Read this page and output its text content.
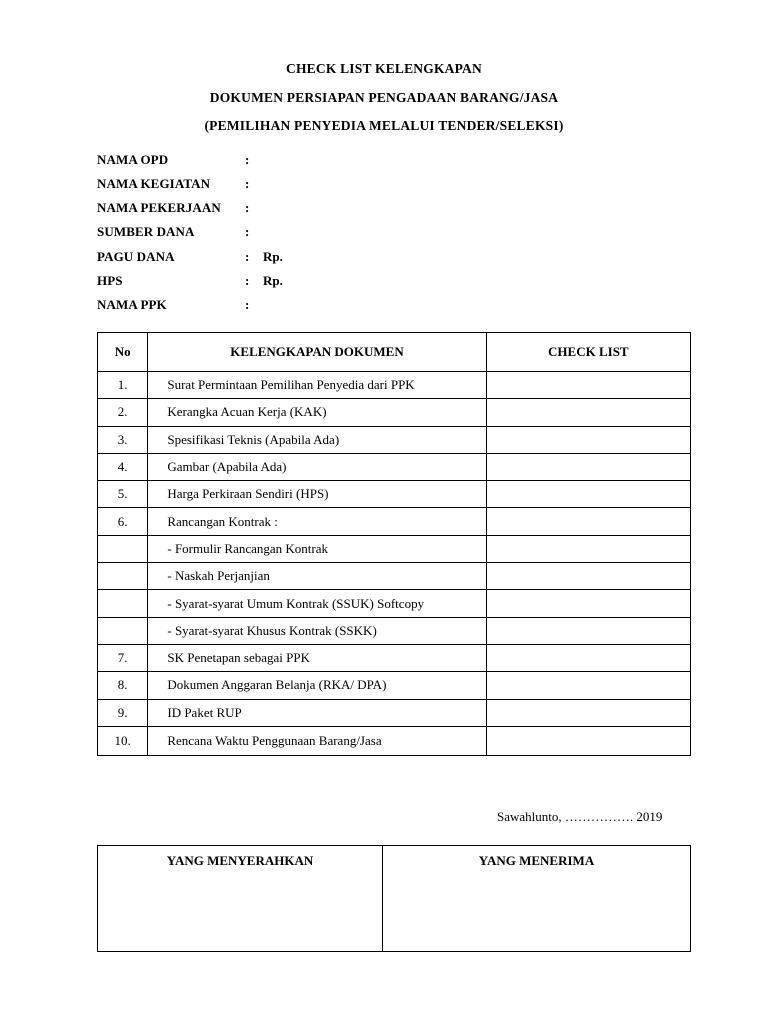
CHECK LIST KELENGKAPAN
DOKUMEN PERSIAPAN PENGADAAN BARANG/JASA
(PEMILIHAN PENYEDIA MELALUI TENDER/SELEKSI)
NAMA OPD	:
NAMA KEGIATAN	:
NAMA PEKERJAAN :
SUMBER DANA	:
PAGU DANA	: Rp.
HPS	: Rp.
NAMA PPK	:
No	KELENGKAPAN DOKUMEN	CHECK LIST
1.	Surat Permintaan Pemilihan Penyedia dari PPK	
2.	Kerangka Acuan Kerja (KAK)	
3.	Spesifikasi Teknis (Apabila Ada)	
4.	Gambar (Apabila Ada)	
5.	Harga Perkiraan Sendiri (HPS)	
6.	Rancangan Kontrak :	
	- Formulir Rancangan Kontrak	
	- Naskah Perjanjian	
	- Syarat-syarat Umum Kontrak (SSUK) Softcopy	
	- Syarat-syarat Khusus Kontrak (SSKK)	
7.	SK Penetapan sebagai PPK	
8.	Dokumen Anggaran Belanja (RKA/ DPA)	
9.	ID Paket RUP	
10.	Rencana Waktu Penggunaan Barang/Jasa	
Sawahlunto, ……………. 2019
YANG MENYERAHKAN	YANG MENERIMA
